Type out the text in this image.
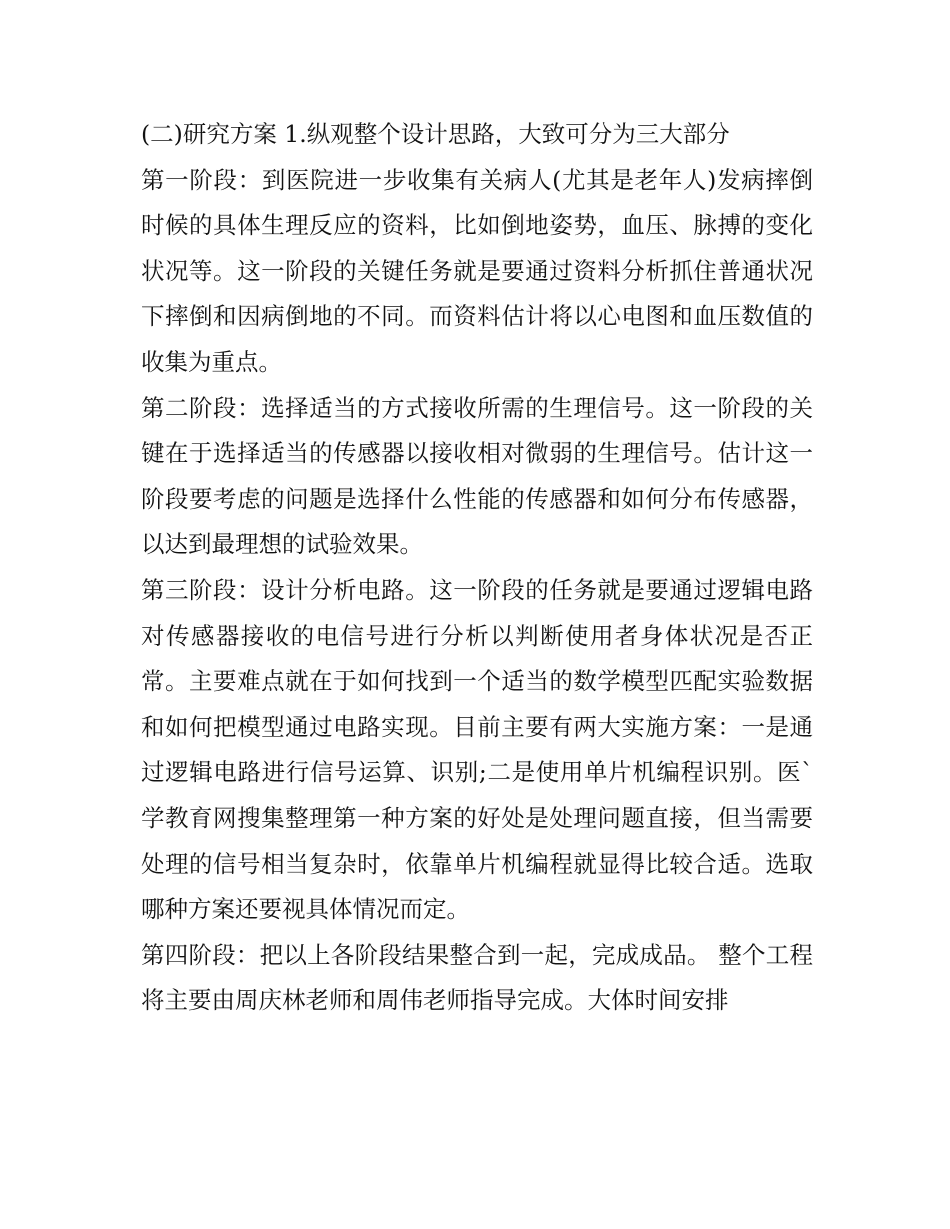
(二)研究方案 1.纵观整个设计思路，大致可分为三大部分

第一阶段：到医院进一步收集有关病人(尤其是老年人)发病摔倒时候的具体生理反应的资料，比如倒地姿势，血压、脉搏的变化状况等。这一阶段的关键任务就是要通过资料分析抓住普通状况下摔倒和因病倒地的不同。而资料估计将以心电图和血压数值的收集为重点。

第二阶段：选择适当的方式接收所需的生理信号。这一阶段的关键在于选择适当的传感器以接收相对微弱的生理信号。估计这一阶段要考虑的问题是选择什么性能的传感器和如何分布传感器，以达到最理想的试验效果。

第三阶段：设计分析电路。这一阶段的任务就是要通过逻辑电路对传感器接收的电信号进行分析以判断使用者身体状况是否正常。主要难点就在于如何找到一个适当的数学模型匹配实验数据和如何把模型通过电路实现。目前主要有两大实施方案：一是通过逻辑电路进行信号运算、识别;二是使用单片机编程识别。医`学教育网搜集整理第一种方案的好处是处理问题直接，但当需要处理的信号相当复杂时，依靠单片机编程就显得比较合适。选取哪种方案还要视具体情况而定。

第四阶段：把以上各阶段结果整合到一起，完成成品。 整个工程将主要由周庆林老师和周伟老师指导完成。大体时间安排
